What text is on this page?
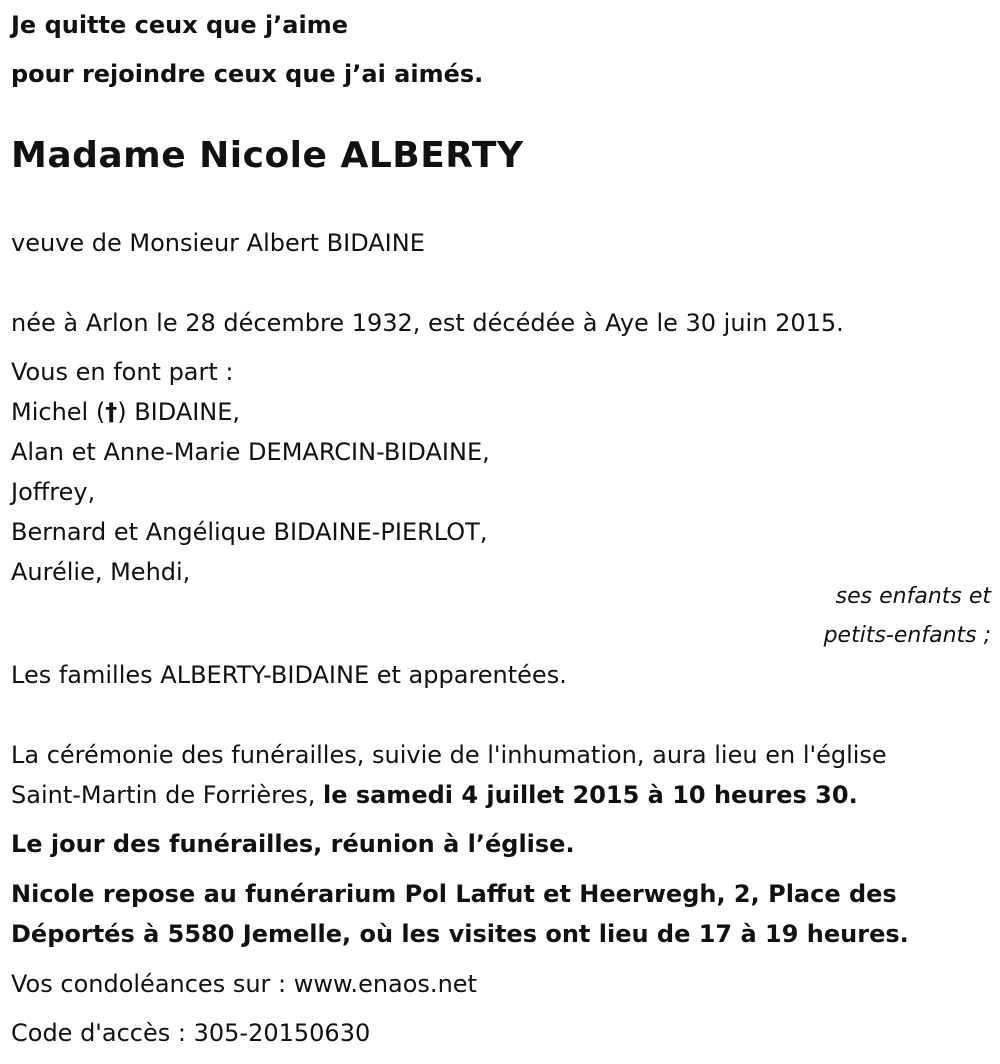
Je quitte ceux que j’aime
pour rejoindre ceux que j’ai aimés.
Madame Nicole ALBERTY
veuve de Monsieur Albert BIDAINE
née à Arlon le 28 décembre 1932, est décédée à Aye le 30 juin 2015.
Vous en font part :
Michel (†) BIDAINE,
Alan et Anne-Marie DEMARCIN-BIDAINE,
Joffrey,
Bernard et Angélique BIDAINE-PIERLOT,
Aurélie, Mehdi,
ses enfants et
petits-enfants ;
Les familles ALBERTY-BIDAINE et apparentées.
La cérémonie des funérailles, suivie de l'inhumation, aura lieu en l'église
Saint-Martin de Forrières, le samedi 4 juillet 2015 à 10 heures 30.
Le jour des funérailles, réunion à l’église.
Nicole repose au funérarium Pol Laffut et Heerwegh, 2, Place des
Déportés à 5580 Jemelle, où les visites ont lieu de 17 à 19 heures.
Vos condoléances sur : www.enaos.net
Code d'accès : 305-20150630
